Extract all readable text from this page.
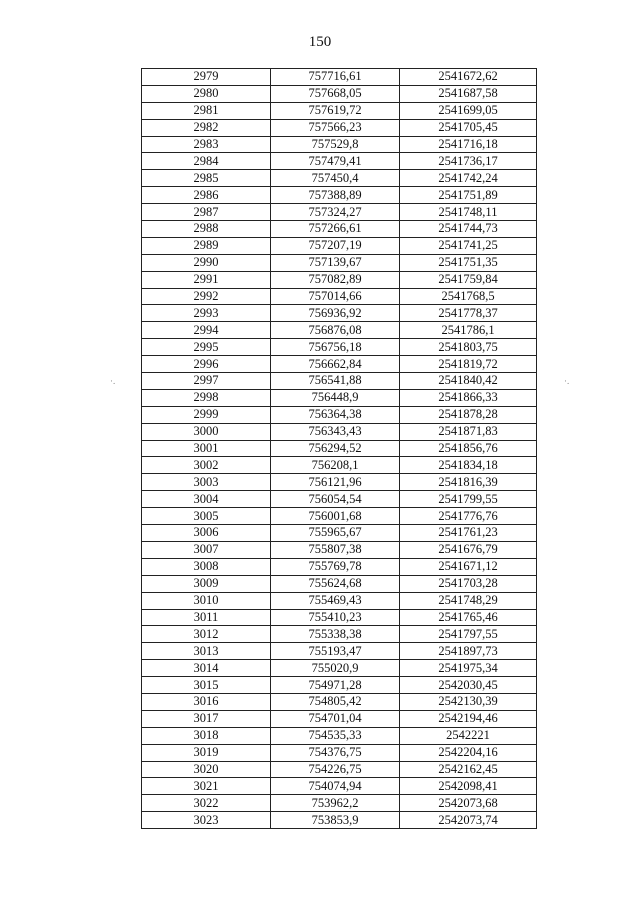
150
2979	757716,61	2541672,62
2980	757668,05	2541687,58
2981	757619,72	2541699,05
2982	757566,23	2541705,45
2983	757529,8	2541716,18
2984	757479,41	2541736,17
2985	757450,4	2541742,24
2986	757388,89	2541751,89
2987	757324,27	2541748,11
2988	757266,61	2541744,73
2989	757207,19	2541741,25
2990	757139,67	2541751,35
2991	757082,89	2541759,84
2992	757014,66	2541768,5
2993	756936,92	2541778,37
2994	756876,08	2541786,1
2995	756756,18	2541803,75
2996	756662,84	2541819,72
2997	756541,88	2541840,42
2998	756448,9	2541866,33
2999	756364,38	2541878,28
3000	756343,43	2541871,83
3001	756294,52	2541856,76
3002	756208,1	2541834,18
3003	756121,96	2541816,39
3004	756054,54	2541799,55
3005	756001,68	2541776,76
3006	755965,67	2541761,23
3007	755807,38	2541676,79
3008	755769,78	2541671,12
3009	755624,68	2541703,28
3010	755469,43	2541748,29
3011	755410,23	2541765,46
3012	755338,38	2541797,55
3013	755193,47	2541897,73
3014	755020,9	2541975,34
3015	754971,28	2542030,45
3016	754805,42	2542130,39
3017	754701,04	2542194,46
3018	754535,33	2542221
3019	754376,75	2542204,16
3020	754226,75	2542162,45
3021	754074,94	2542098,41
3022	753962,2	2542073,68
3023	753853,9	2542073,74
·.	·.
